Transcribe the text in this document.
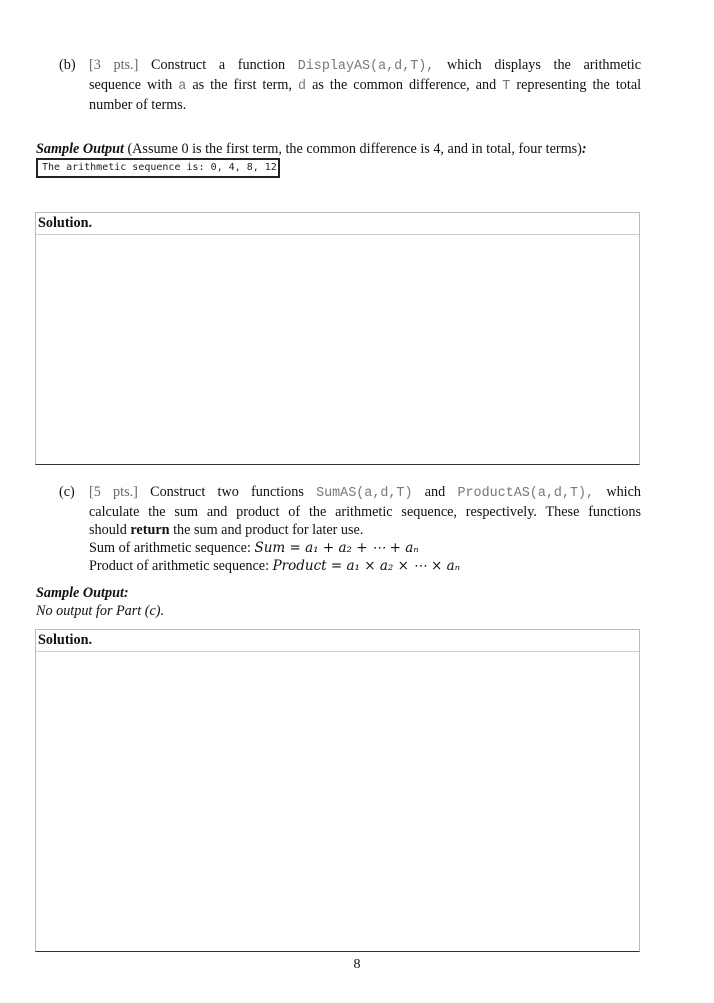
(b) [3 pts.] Construct a function DisplayAS(a,d,T), which displays the arithmetic
sequence with a as the first term, d as the common difference, and T representing the total
number of terms.
Sample Output (Assume 0 is the first term, the common difference is 4, and in total, four terms):
The arithmetic sequence is: 0, 4, 8, 12
Solution.
(c) [5 pts.] Construct two functions SumAS(a,d,T) and ProductAS(a,d,T), which
calculate the sum and product of the arithmetic sequence, respectively. These functions
should return the sum and product for later use.
Sum of arithmetic sequence: Sum = a₁ + a₂ + ⋯ + aₙ
Product of arithmetic sequence: Product = a₁ × a₂ × ⋯ × aₙ
Sample Output:
No output for Part (c).
Solution.
8
